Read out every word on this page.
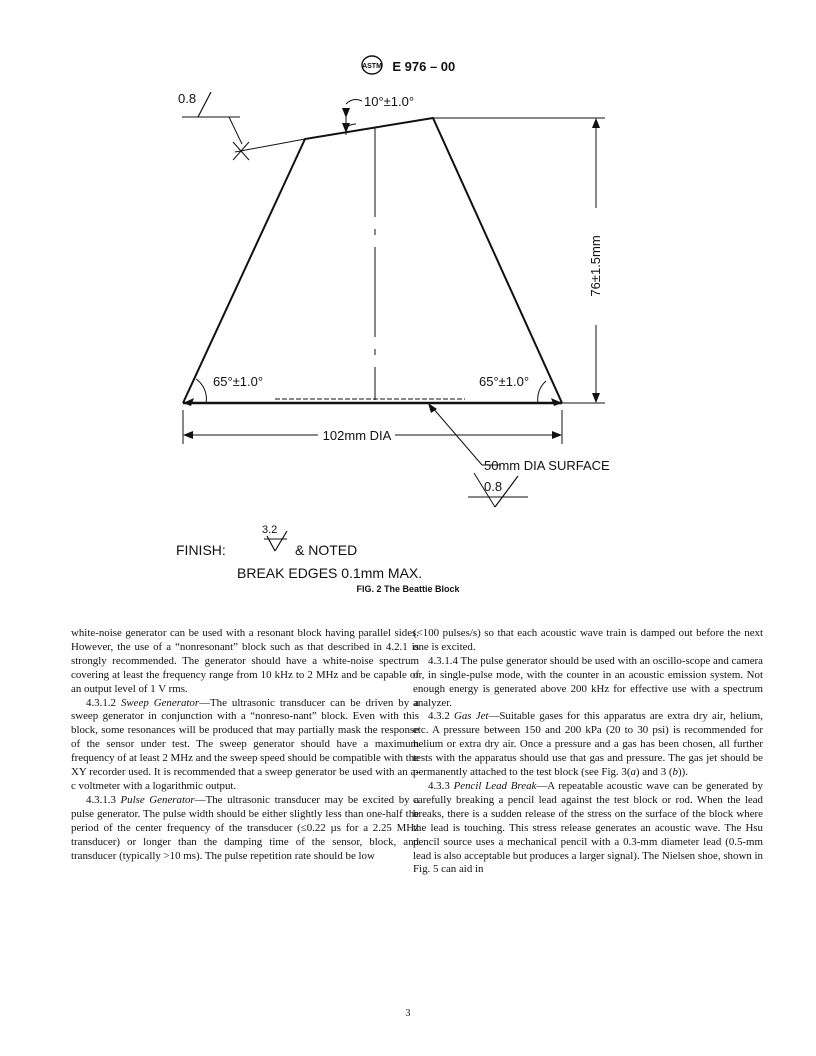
ASTM E 976 – 00
0.8	10°±1.0°
76±1.5mm
65°±1.0°	65°±1.0°
102mm DIA
50mm DIA SURFACE
0.8
FINISH:
3.2
& NOTED
BREAK EDGES 0.1mm MAX.
FIG. 2 The Beattie Block

white-noise generator can be used with a resonant block having parallel sides. However, the use of a “nonresonant” block such as that described in 4.2.1 is strongly recommended. The generator should have a white-noise spectrum covering at least the frequency range from 10 kHz to 2 MHz and be capable of an output level of 1 V rms.

4.3.1.2 Sweep Generator—The ultrasonic transducer can be driven by a sweep generator in conjunction with a “nonreso-nant” block. Even with this block, some resonances will be produced that may partially mask the response of the sensor under test. The sweep generator should have a maximum frequency of at least 2 MHz and the sweep speed should be compatible with the XY recorder used. It is recommended that a sweep generator be used with an a-c voltmeter with a logarithmic output.

4.3.1.3 Pulse Generator—The ultrasonic transducer may be excited by a pulse generator. The pulse width should be either slightly less than one-half the period of the center frequency of the transducer (≤0.22 µs for a 2.25 MHz transducer) or longer than the damping time of the sensor, block, and transducer (typically >10 ms). The pulse repetition rate should be low

(<100 pulses/s) so that each acoustic wave train is damped out before the next one is excited.

4.3.1.4 The pulse generator should be used with an oscillo-scope and camera or, in single-pulse mode, with the counter in an acoustic emission system. Not enough energy is generated above 200 kHz for effective use with a spectrum analyzer.

4.3.2 Gas Jet—Suitable gases for this apparatus are extra dry air, helium, etc. A pressure between 150 and 200 kPa (20 to 30 psi) is recommended for helium or extra dry air. Once a pressure and a gas has been chosen, all further tests with the apparatus should use that gas and pressure. The gas jet should be permanently attached to the test block (see Fig. 3(a) and 3 (b)).

4.3.3 Pencil Lead Break—A repeatable acoustic wave can be generated by carefully breaking a pencil lead against the test block or rod. When the lead breaks, there is a sudden release of the stress on the surface of the block where the lead is touching. This stress release generates an acoustic wave. The Hsu pencil source uses a mechanical pencil with a 0.3-mm diameter lead (0.5-mm lead is also acceptable but produces a larger signal). The Nielsen shoe, shown in Fig. 5 can aid in

3
